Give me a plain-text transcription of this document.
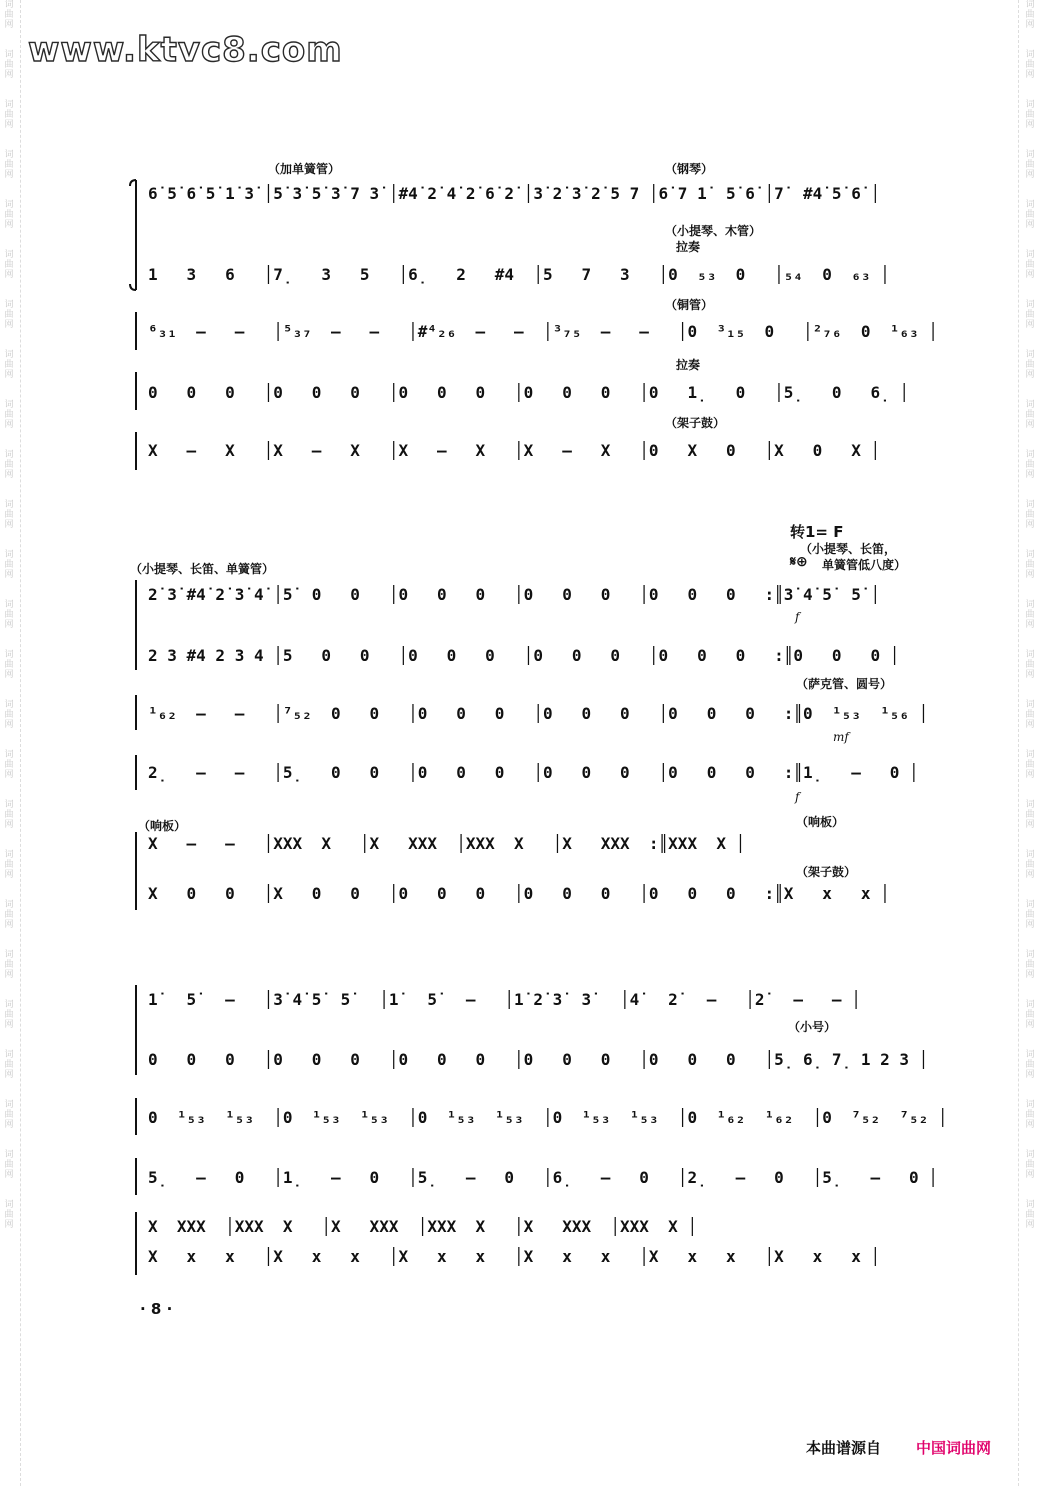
词
曲
网

词
曲
网

词
曲
网

词
曲
网

词
曲
网

词
曲
网

词
曲
网

词
曲
网

词
曲
网

词
曲
网

词
曲
网

词
曲
网

词
曲
网

词
曲
网

词
曲
网

词
曲
网

词
曲
网

词
曲
网

词
曲
网

词
曲
网

词
曲
网

词
曲
网

词
曲
网

词
曲
网

词
曲
网
词
曲
网

词
曲
网

词
曲
网

词
曲
网

词
曲
网

词
曲
网

词
曲
网

词
曲
网

词
曲
网

词
曲
网

词
曲
网

词
曲
网

词
曲
网

词
曲
网

词
曲
网

词
曲
网

词
曲
网

词
曲
网

词
曲
网

词
曲
网

词
曲
网

词
曲
网

词
曲
网

词
曲
网

词
曲
网
www.ktvc8.com
（加单簧管）	（钢琴）
（小提琴、木管）
拉奏
（铜管）
拉奏
（架子鼓）
6̇ 5̇ 6̇ 5̇ 1̇ 3̇ │5̇ 3̇ 5̇ 3̇ 7 3̇ │#4̇ 2̇ 4̇ 2̇ 6̇ 2̇ │3̇ 2̇ 3̇ 2̇ 5 7 │6̇ 7 1̇  5̇ 6̇ │7̇  #4̇ 5̇ 6̇ │
1   3   6   │7̣   3   5   │6̣   2   #4  │5   7   3   │0  ₅₃  0   │₅₄  0  ₆₃ │
⁶₃₁  –   –   │⁵₃₇  –   –   │#⁴₂₆  –   –  │³₇₅  –   –   │0  ³₁₅  0   │²₇₆  0  ¹₆₃ │
0   0   0   │0   0   0   │0   0   0   │0   0   0   │0   1̣   0   │5̣   0   6̣ │
X   –   X   │X   –   X   │X   –   X   │X   –   X   │0   X   0   │X   0   X │
转1= F
（小提琴、长笛，
𝄋⊕ 单簧管低八度）
（小提琴、长笛、单簧管）
（萨克管、圆号）
（响板）	（响板）
（架子鼓）
2̇ 3̇ #4̇ 2̇ 3̇ 4̇ │5̇  0   0   │0   0   0   │0   0   0   │0   0   0   :║3̇ 4̇ 5̇  5̇ │
f
2 3 #4 2 3 4 │5   0   0   │0   0   0   │0   0   0   │0   0   0   :║0   0   0 │
¹₆₂  –   –   │⁷₅₂  0   0   │0   0   0   │0   0   0   │0   0   0   :║0  ¹₅₃  ¹₅₆ │
mf
2̣   –   –   │5̣   0   0   │0   0   0   │0   0   0   │0   0   0   :║1̣   –   0 │
f
X   –   –   │XXX  X   │X   XXX  │XXX  X   │X   XXX  :║XXX  X │
X   0   0   │X   0   0   │0   0   0   │0   0   0   │0   0   0   :║X   x   x │
（小号）
1̇   5̇   –   │3̇ 4̇ 5̇  5̇   │1̇   5̇   –   │1̇ 2̇ 3̇  3̇   │4̇   2̇   –   │2̇   –   – │
0   0   0   │0   0   0   │0   0   0   │0   0   0   │0   0   0   │5̣ 6̣ 7̣ 1 2 3 │
0  ¹₅₃  ¹₅₃  │0  ¹₅₃  ¹₅₃  │0  ¹₅₃  ¹₅₃  │0  ¹₅₃  ¹₅₃  │0  ¹₆₂  ¹₆₂  │0  ⁷₅₂  ⁷₅₂ │
5̣   –   0   │1̣   –   0   │5̣   –   0   │6̣   –   0   │2̣   –   0   │5̣   –   0 │
X  XXX  │XXX  X   │X   XXX  │XXX  X   │X   XXX  │XXX  X │
X   x   x   │X   x   x   │X   x   x   │X   x   x   │X   x   x   │X   x   x │
· 8 ·
本曲谱源自 中国词曲网
